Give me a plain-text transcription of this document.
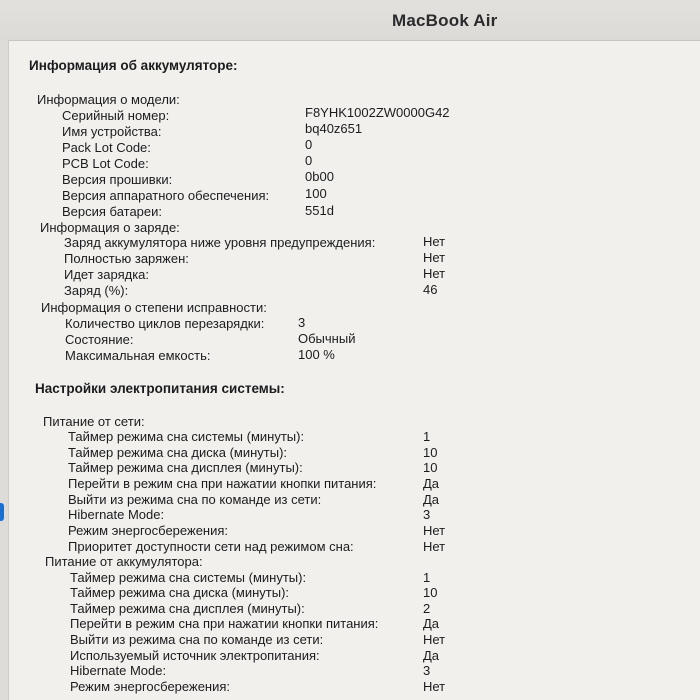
MacBook Air
Информация об аккумуляторе:
Информация о модели:
Серийный номер:	F8YHK1002ZW0000G42
Имя устройства:	bq40z651
Pack Lot Code:	0
PCB Lot Code:	0
Версия прошивки:	0b00
Версия аппаратного обеспечения:	100
Версия батареи:	551d
Информация о заряде:
Заряд аккумулятора ниже уровня предупреждения:	Нет
Полностью заряжен:	Нет
Идет зарядка:	Нет
Заряд (%):	46
Информация о степени исправности:
Количество циклов перезарядки:	3
Состояние:	Обычный
Максимальная емкость:	100 %
Настройки электропитания системы:
Питание от сети:
Таймер режима сна системы (минуты):	1
Таймер режима сна диска (минуты):	10
Таймер режима сна дисплея (минуты):	10
Перейти в режим сна при нажатии кнопки питания:	Да
Выйти из режима сна по команде из сети:	Да
Hibernate Mode:	3
Режим энергосбережения:	Нет
Приоритет доступности сети над режимом сна:	Нет
Питание от аккумулятора:
Таймер режима сна системы (минуты):	1
Таймер режима сна диска (минуты):	10
Таймер режима сна дисплея (минуты):	2
Перейти в режим сна при нажатии кнопки питания:	Да
Выйти из режима сна по команде из сети:	Нет
Используемый источник электропитания:	Да
Hibernate Mode:	3
Режим энергосбережения:	Нет
